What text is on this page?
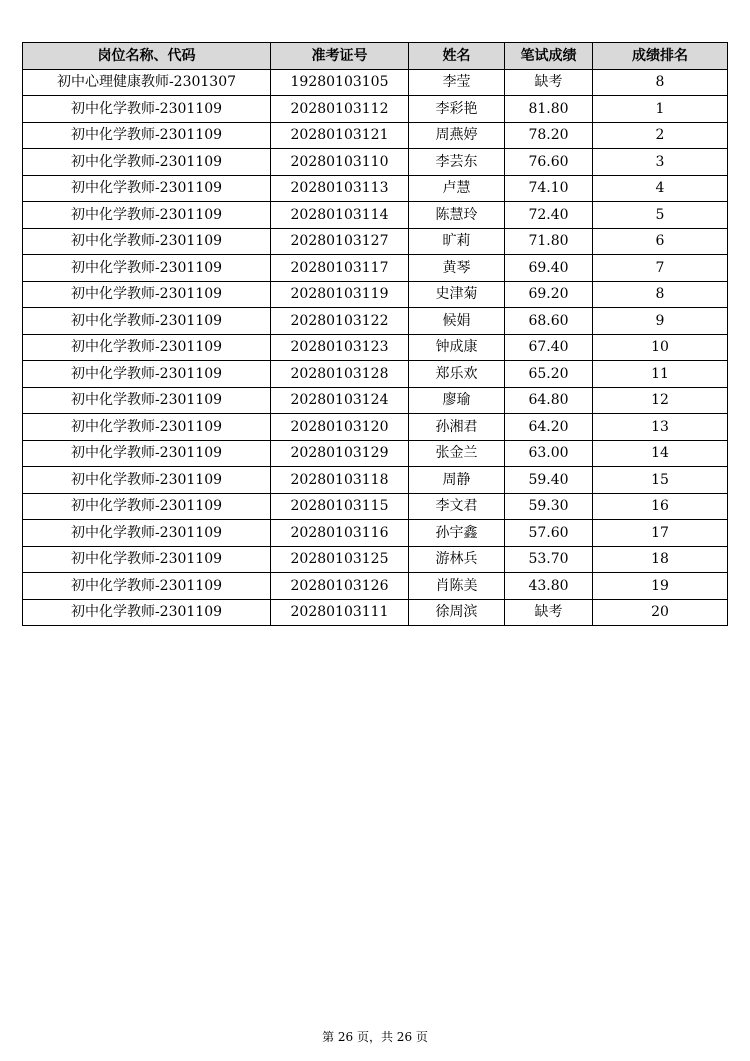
岗位名称、代码	准考证号	姓名	笔试成绩	成绩排名
初中心理健康教师-2301307	19280103105	李莹	缺考	8
初中化学教师-2301109	20280103112	李彩艳	81.80	1
初中化学教师-2301109	20280103121	周燕婷	78.20	2
初中化学教师-2301109	20280103110	李芸东	76.60	3
初中化学教师-2301109	20280103113	卢慧	74.10	4
初中化学教师-2301109	20280103114	陈慧玲	72.40	5
初中化学教师-2301109	20280103127	旷莉	71.80	6
初中化学教师-2301109	20280103117	黄琴	69.40	7
初中化学教师-2301109	20280103119	史津菊	69.20	8
初中化学教师-2301109	20280103122	候娟	68.60	9
初中化学教师-2301109	20280103123	钟成康	67.40	10
初中化学教师-2301109	20280103128	郑乐欢	65.20	11
初中化学教师-2301109	20280103124	廖瑜	64.80	12
初中化学教师-2301109	20280103120	孙湘君	64.20	13
初中化学教师-2301109	20280103129	张金兰	63.00	14
初中化学教师-2301109	20280103118	周静	59.40	15
初中化学教师-2301109	20280103115	李文君	59.30	16
初中化学教师-2301109	20280103116	孙宇鑫	57.60	17
初中化学教师-2301109	20280103125	游林兵	53.70	18
初中化学教师-2301109	20280103126	肖陈美	43.80	19
初中化学教师-2301109	20280103111	徐周滨	缺考	20
第 26 页，共 26 页
